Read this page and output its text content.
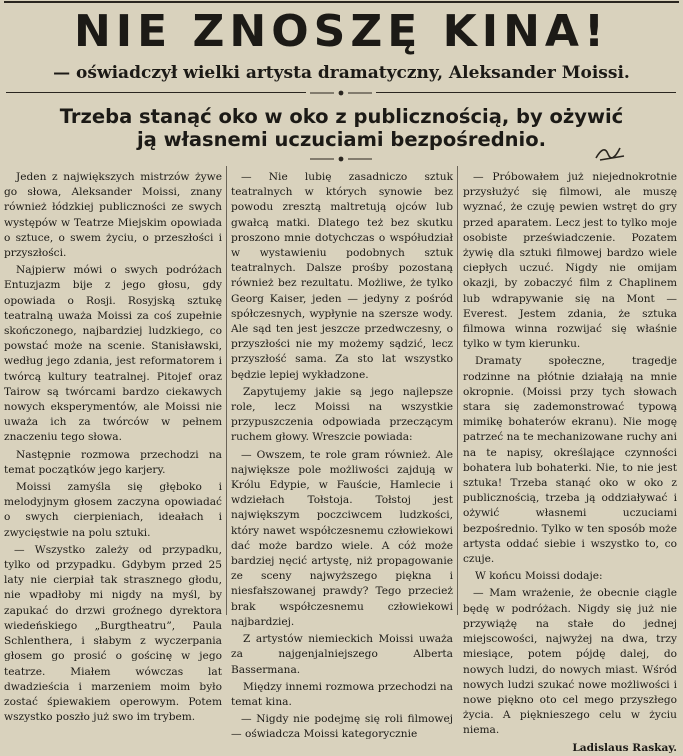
NIE ZNOSZĘ KINA!
— oświadczył wielki artysta dramatyczny, Aleksander Moissi.
Trzeba stanąć oko w oko z publicznością, by ożywić
ją własnemi uczuciami bezpośrednio.

Jeden z największych mistrzów żywe go słowa, Aleksander Moissi, znany również łódzkiej publiczności ze swych występów w Teatrze Miejskim opowiada o sztuce, o swem życiu, o przeszłości i przyszłości.

Najpierw mówi o swych podróżach Entuzjazm bije z jego głosu, gdy opowiada o Rosji. Rosyjską sztukę teatralną uważa Moissi za coś zupełnie skończonego, najbardziej ludzkiego, co powstać może na scenie. Stanisławski, według jego zdania, jest reformatorem i twórcą kultury teatralnej. Pitojef oraz Tairow są twórcami bardzo ciekawych nowych eksperymentów, ale Moissi nie uważa ich za twórców w pełnem znaczeniu tego słowa.

Następnie rozmowa przechodzi na temat początków jego karjery.

Moissi zamyśla się głęboko i melodyjnym głosem zaczyna opowiadać o swych cierpieniach, ideałach i zwycięstwie na polu sztuki.

— Wszystko zależy od przypadku, tylko od przypadku. Gdybym przed 25 laty nie cierpiał tak strasznego głodu, nie wpadłoby mi nigdy na myśl, by zapukać do drzwi groźnego dyrektora wiedeńskiego „Burgtheatru”, Paula Schlenthera, i słabym z wyczerpania głosem go prosić o gościnę w jego teatrze. Miałem wówczas lat dwadzieścia i marzeniem moim było zostać śpiewakiem operowym. Potem wszystko poszło już swo im trybem.

— Nie lubię zasadniczo sztuk teatralnych w których synowie bez powodu zresztą maltretują ojców lub gwałcą matki. Dlatego też bez skutku proszono mnie dotychczas o współudział w wystawieniu podobnych sztuk teatralnych. Dalsze prośby pozostaną również bez rezultatu. Możliwe, że tylko Georg Kaiser, jeden — jedyny z pośród spółczesnych, wypłynie na szersze wody. Ale sąd ten jest jeszcze przedwczesny, o przyszłości nie my możemy sądzić, lecz przyszłość sama. Za sto lat wszystko będzie lepiej wykładzone.

Zapytujemy jakie są jego najlepsze role, lecz Moissi na wszystkie przypuszczenia odpowiada przeczącym ruchem głowy. Wreszcie powiada:

— Owszem, te role gram również. Ale największe pole możliwości zajdują w Królu Edypie, w Fauście, Hamlecie i wdziełach Tołstoja. Tołstoj jest największym poczciwcem ludzkości, który nawet współczesnemu człowiekowi dać może bardzo wiele. A cóż może bardziej nęcić artystę, niż propagowanie ze sceny najwyższego piękna i niesfałszowanej prawdy? Tego przecież brak współczesnemu człowiekowi najbardziej.

Z artystów niemieckich Moissi uważa za najgenjalniejszego Alberta Bassermana.

Między innemi rozmowa przechodzi na temat kina.

— Nigdy nie podejmę się roli filmowej — oświadcza Moissi kategorycznie

— Próbowałem już niejednokrotnie przysłużyć się filmowi, ale muszę wyznać, że czuję pewien wstręt do gry przed aparatem. Lecz jest to tylko moje osobiste przeświadczenie. Pozatem żywię dla sztuki filmowej bardzo wiele ciepłych uczuć. Nigdy nie omijam okazji, by zobaczyć film z Chaplinem lub wdrapywanie się na Mont — Everest. Jestem zdania, że sztuka filmowa winna rozwijać się właśnie tylko w tym kierunku.

Dramaty społeczne, tragedje rodzinne na płótnie działają na mnie okropnie. (Moissi przy tych słowach stara się zademonstrować typową mimikę bohaterów ekranu). Nie mogę patrzeć na te mechanizowane ruchy ani na te napisy, określające czynności bohatera lub bohaterki. Nie, to nie jest sztuka! Trzeba stanąć oko w oko z publicznością, trzeba ją oddziaływać i ożywić własnemi uczuciami bezpośrednio. Tylko w ten sposób może artysta oddać siebie i wszystko to, co czuje.

W końcu Moissi dodaje:

— Mam wrażenie, że obecnie ciągle będę w podróżach. Nigdy się już nie przywiążę na stałe do jednej miejscowości, najwyżej na dwa, trzy miesiące, potem pójdę dalej, do nowych ludzi, do nowych miast. Wśród nowych ludzi szukać nowe możliwości i nowe piękno oto cel mego przyszłego życia. A pięknieszego celu w życiu niema.

Ladislaus Raskay.
